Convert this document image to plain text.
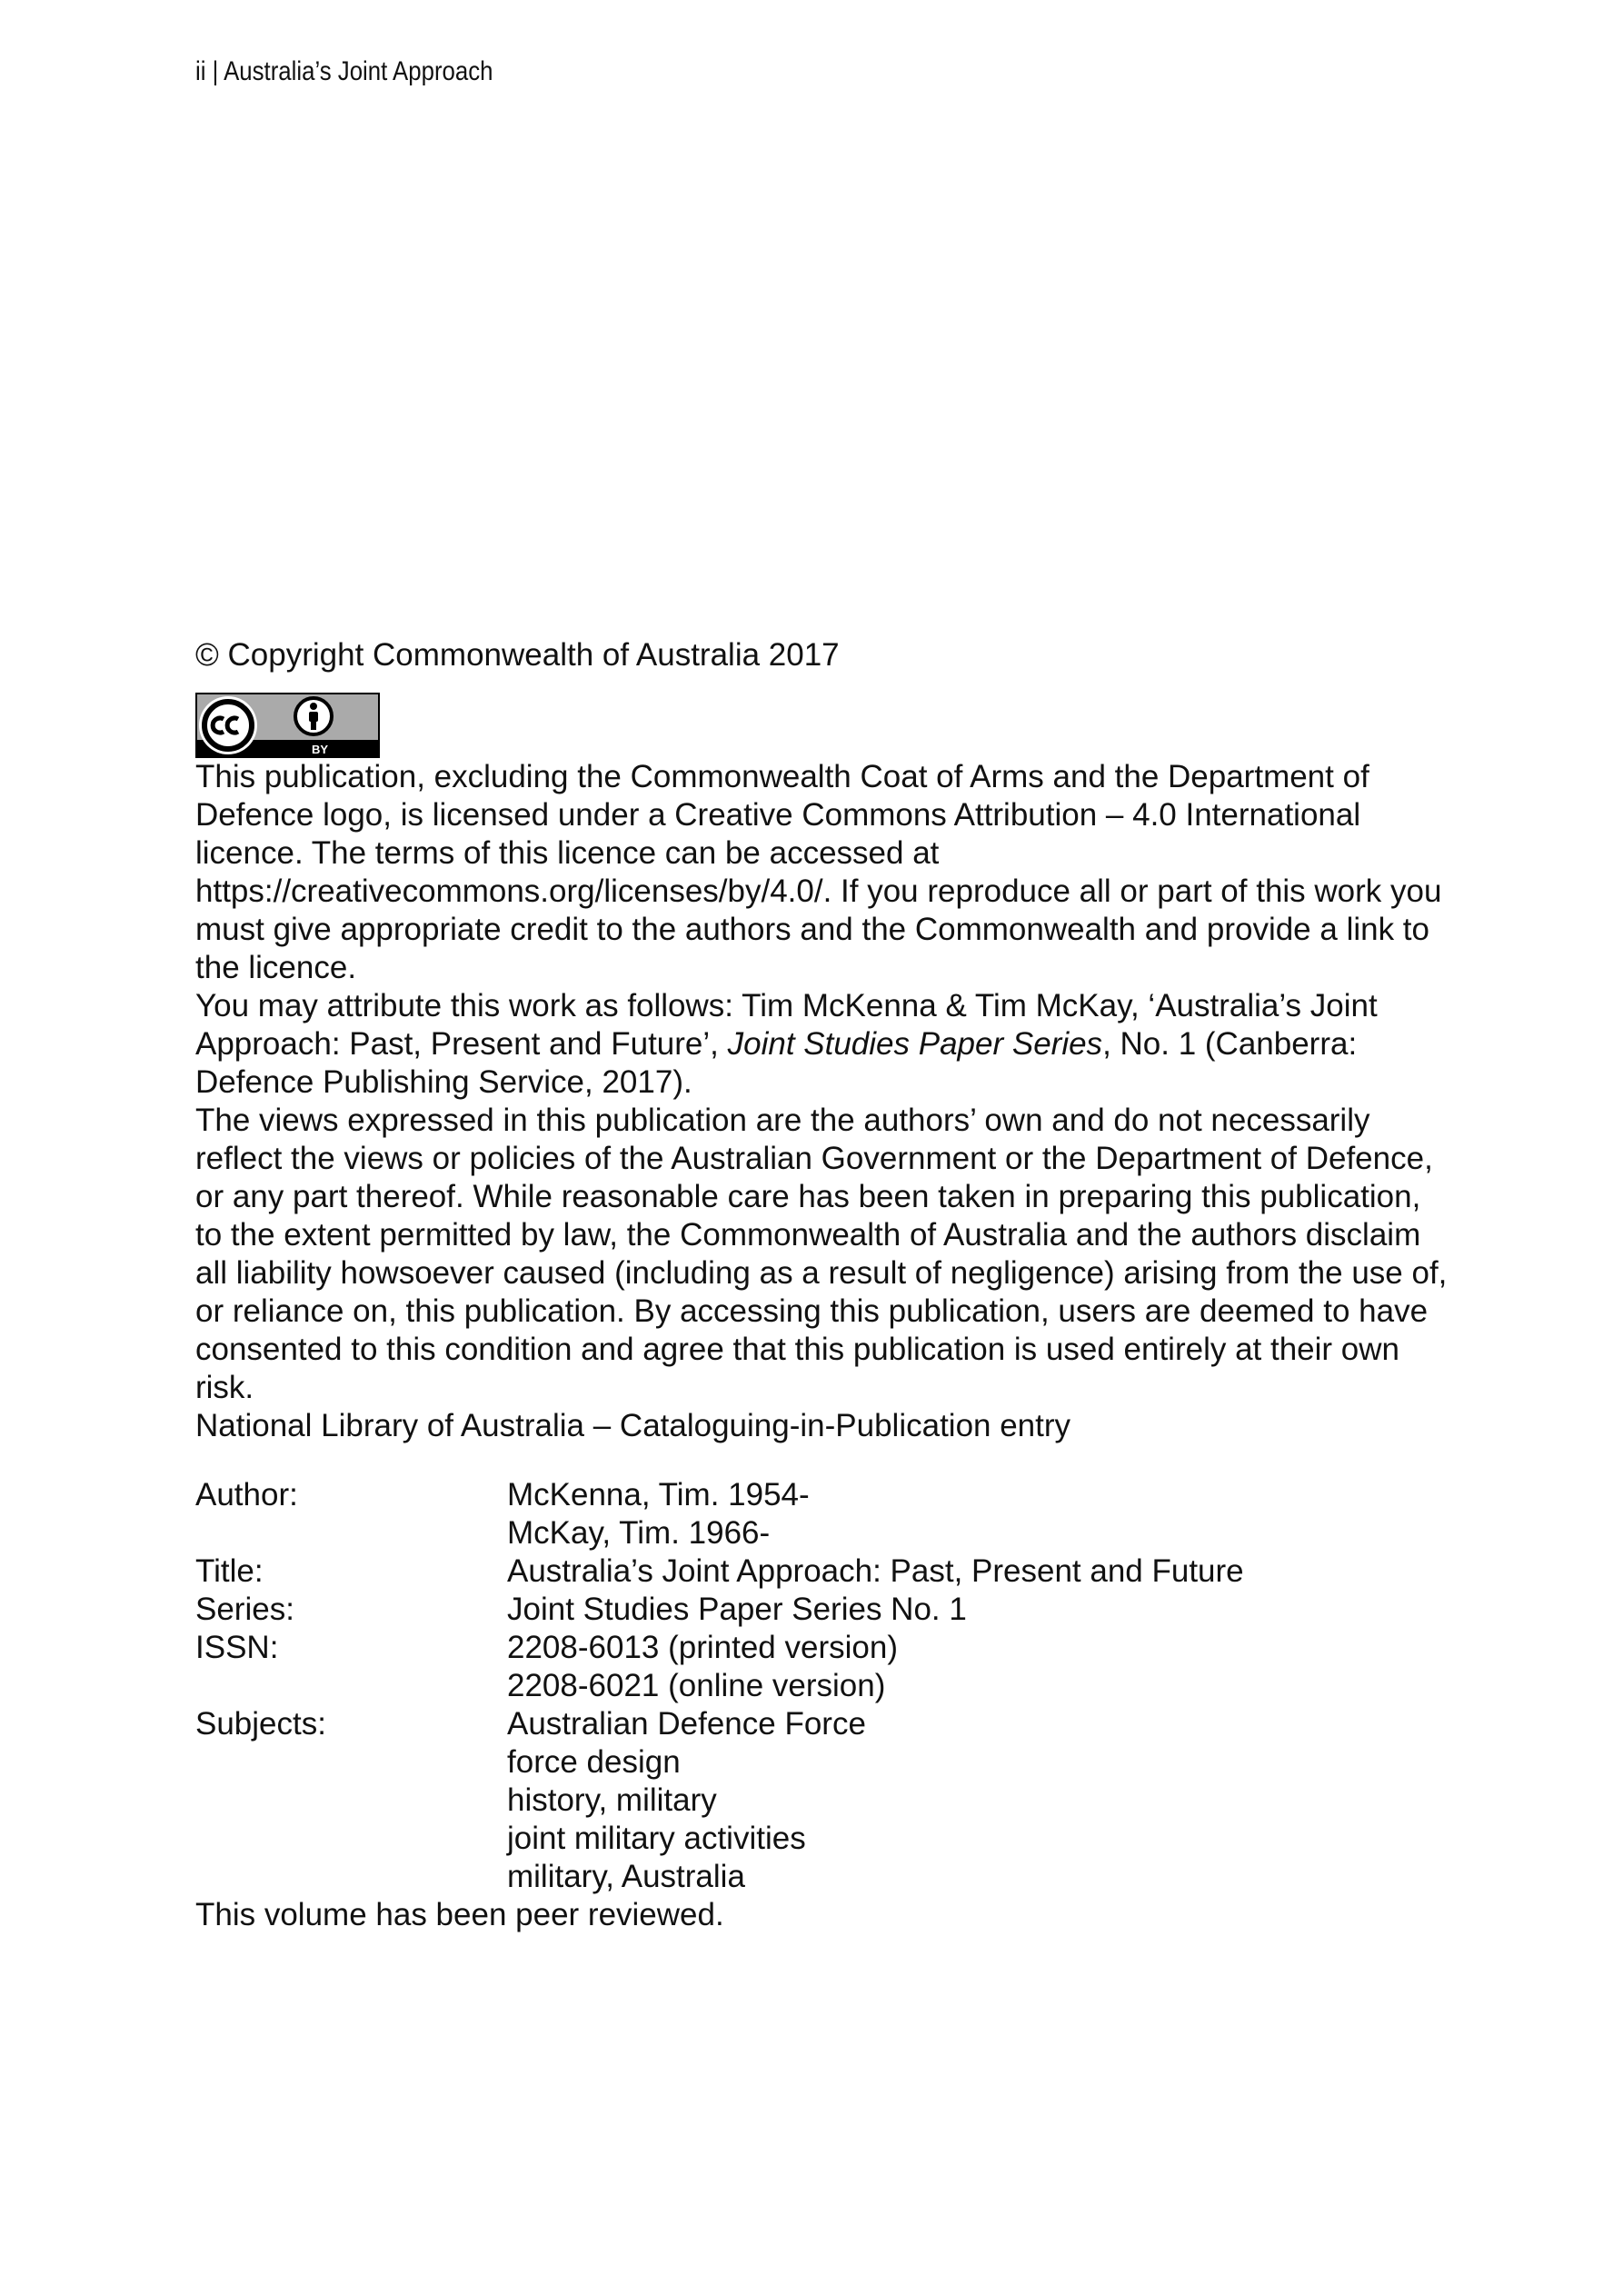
ii | Australia’s Joint Approach

© Copyright Commonwealth of Australia 2017

BY

This publication, excluding the Commonwealth Coat of Arms and the Department of Defence logo, is licensed under a Creative Commons Attribution – 4.0 International licence. The terms of this licence can be accessed at https://creativecommons.org/licenses/by/4.0/. If you reproduce all or part of this work you must give appropriate credit to the authors and the Commonwealth and provide a link to the licence.

You may attribute this work as follows: Tim McKenna & Tim McKay, ‘Australia’s Joint Approach: Past, Present and Future’, Joint Studies Paper Series, No. 1 (Canberra: Defence Publishing Service, 2017).

The views expressed in this publication are the authors’ own and do not necessarily reflect the views or policies of the Australian Government or the Department of Defence, or any part thereof. While reasonable care has been taken in preparing this publication, to the extent permitted by law, the Commonwealth of Australia and the authors disclaim all liability howsoever caused (including as a result of negligence) arising from the use of, or reliance on, this publication. By accessing this publication, users are deemed to have consented to this condition and agree that this publication is used entirely at their own risk.

National Library of Australia – Cataloguing-in-Publication entry

Author:	McKenna, Tim. 1954-
McKay, Tim. 1966-
Title:	Australia’s Joint Approach: Past, Present and Future
Series:	Joint Studies Paper Series No. 1
ISSN:	2208-6013 (printed version)
2208-6021 (online version)
Subjects:	Australian Defence Force
force design
history, military
joint military activities
military, Australia

This volume has been peer reviewed.
